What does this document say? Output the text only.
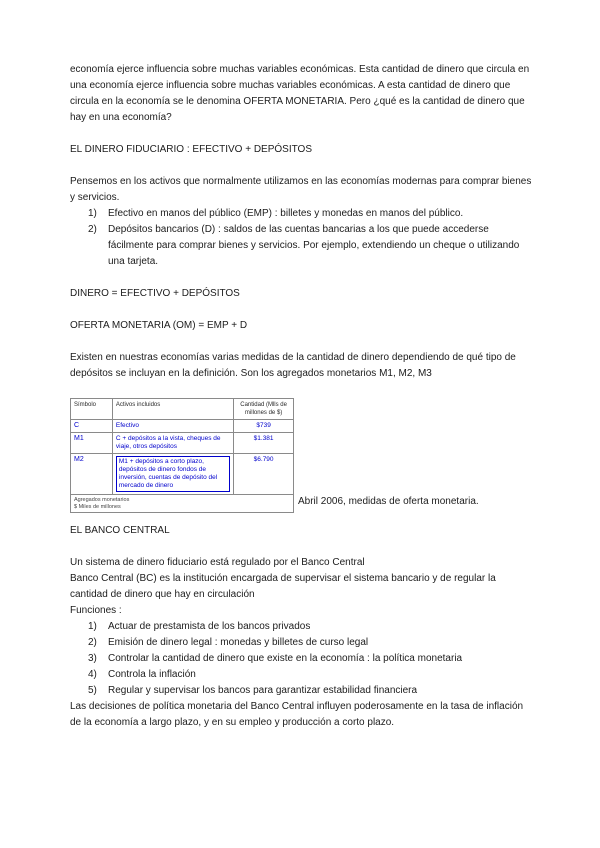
economía ejerce influencia sobre muchas variables económicas. Esta cantidad de dinero que circula en una economía ejerce influencia sobre muchas variables económicas. A esta cantidad de dinero que circula en la economía se le denomina OFERTA MONETARIA. Pero ¿qué es la cantidad de dinero que hay en una economía?

EL DINERO FIDUCIARIO : EFECTIVO + DEPÓSITOS

Pensemos en los activos que normalmente utilizamos en las economías modernas para comprar bienes y servicios.

1)	Efectivo en manos del público (EMP) : billetes y monedas en manos del público.
2)	Depósitos bancarios (D) : saldos de las cuentas bancarias a los que puede accederse fácilmente para comprar bienes y servicios. Por ejemplo, extendiendo un cheque o utilizando una tarjeta.

DINERO = EFECTIVO + DEPÓSITOS

OFERTA MONETARIA (OM) = EMP + D

Existen en nuestras economías varias medidas de la cantidad de dinero dependiendo de qué tipo de depósitos se incluyan en la definición. Son los agregados monetarios M1, M2, M3

Símbolo	Activos incluidos	Cantidad (Mlls de millones de $)
C	Efectivo	$739
M1	C + depósitos a la vista, cheques de viaje, otros depósitos	$1.381
M2	M1 + depósitos a corto plazo, depósitos de dinero fondos de inversión, cuentas de depósito del mercado de dinero	$6.790

Agregados monetarios
$ Miles de millones			Abril 2006, medidas de oferta monetaria.

EL BANCO CENTRAL

Un sistema de dinero fiduciario está regulado por el Banco Central

Banco Central (BC) es la institución encargada de supervisar el sistema bancario y de regular la cantidad de dinero que hay en circulación

Funciones :

1)	Actuar de prestamista de los bancos privados
2)	Emisión de dinero legal : monedas y billetes de curso legal
3)	Controlar la cantidad de dinero que existe en la economía : la política monetaria
4)	Controla la inflación
5)	Regular y supervisar los bancos para garantizar estabilidad financiera

Las decisiones de política monetaria del Banco Central influyen poderosamente en la tasa de inflación de la economía a largo plazo, y en su empleo y producción a corto plazo.
